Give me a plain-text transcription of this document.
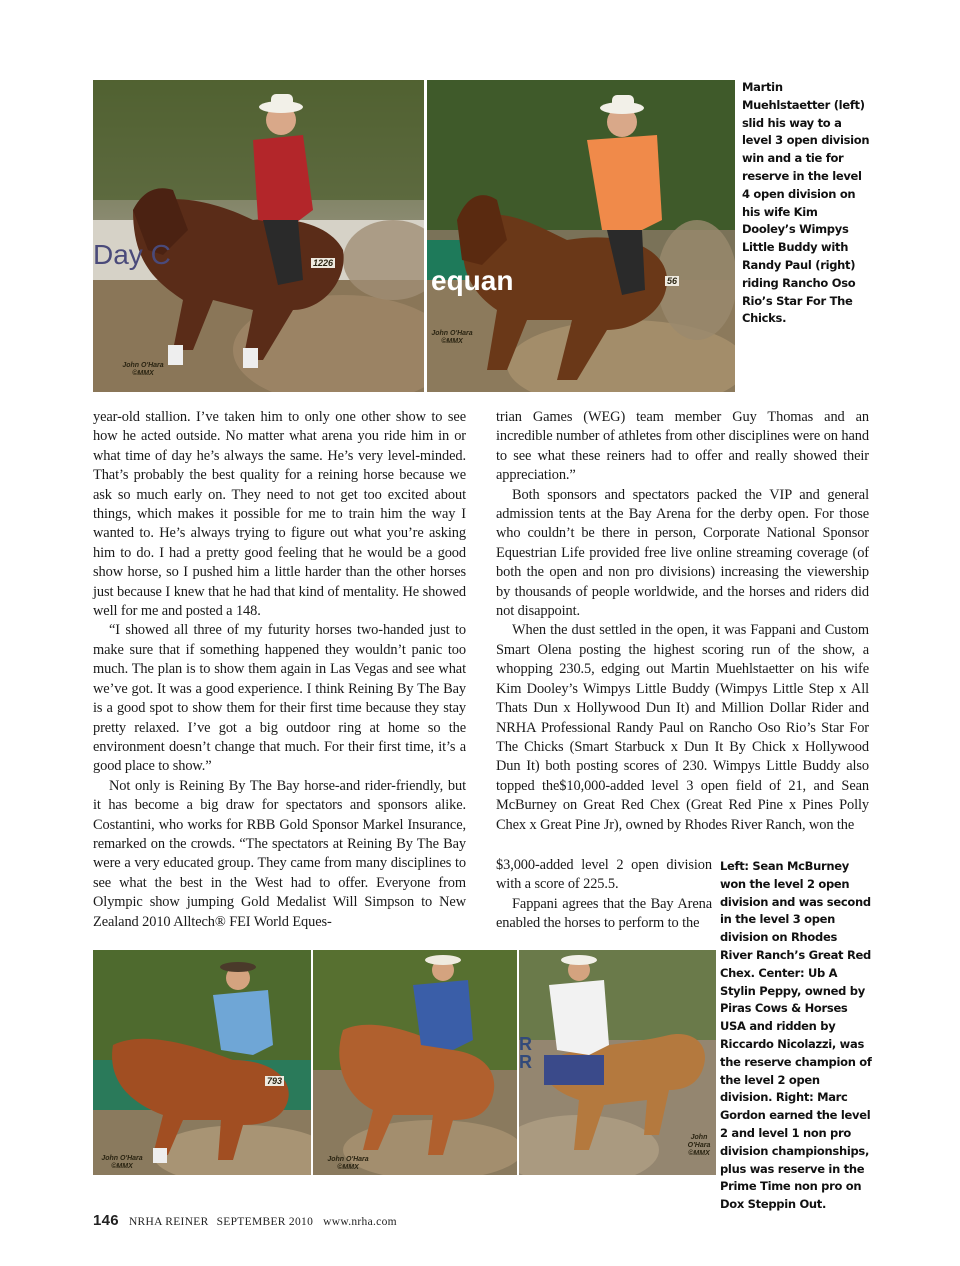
John O'Hara ©MMX
Day C	1226
John O'Hara ©MMX
equan	56
Martin Muehlstaetter (left) slid his way to a level 3 open division win and a tie for reserve in the level 4 open division on his wife Kim Dooley’s Wimpys Little Buddy with Randy Paul (right) riding Rancho Oso Rio’s Star For The Chicks.

year-old stallion. I’ve taken him to only one other show to see how he acted outside. No matter what arena you ride him in or what time of day he’s always the same. He’s very level-minded. That’s probably the best quality for a reining horse because we ask so much early on. They need to not get too excited about things, which makes it possible for me to train him the way I wanted to. He’s always trying to figure out what you’re asking him to do. I had a pretty good feeling that he would be a good show horse, so I pushed him a little harder than the other horses just because I knew that he had that kind of mentality. He showed well for me and posted a 148.

“I showed all three of my futurity horses two-handed just to make sure that if something happened they wouldn’t panic too much. The plan is to show them again in Las Vegas and see what we’ve got. It was a good experience. I think Reining By The Bay is a good spot to show them for their first time because they stay pretty relaxed. I’ve got a big outdoor ring at home so the environment doesn’t change that much. For their first time, it’s a good place to show.”

Not only is Reining By The Bay horse-and rider-friendly, but it has become a big draw for spectators and sponsors alike. Costantini, who works for RBB Gold Sponsor Markel Insurance, remarked on the crowds. “The spectators at Reining By The Bay were a very educated group. They came from many disciplines to see what the best in the West had to offer. Everyone from Olympic show jumping Gold Medalist Will Simpson to New Zealand 2010 Alltech® FEI World Eques-

trian Games (WEG) team member Guy Thomas and an incredible number of athletes from other disciplines were on hand to see what these reiners had to offer and really showed their appreciation.”

Both sponsors and spectators packed the VIP and general admission tents at the Bay Arena for the derby open. For those who couldn’t be there in person, Corporate National Sponsor Equestrian Life provided free live online streaming coverage (of both the open and non pro divisions) increasing the viewership by thousands of people worldwide, and the horses and riders did not disappoint.

When the dust settled in the open, it was Fappani and Custom Smart Olena posting the highest scoring run of the show, a whopping 230.5, edging out Martin Muehlstaetter on his wife Kim Dooley’s Wimpys Little Buddy (Wimpys Little Step x All Thats Dun x Hollywood Dun It) and Million Dollar Rider and NRHA Professional Randy Paul on Rancho Oso Rio’s Star For The Chicks (Smart Starbuck x Dun It By Chick x Hollywood Dun It) both posting scores of 230. Wimpys Little Buddy also topped the$10,000-added level 3 open field of 21, and Sean McBurney on Great Red Chex (Great Red Pine x Pines Polly Chex x Great Pine Jr), owned by Rhodes River Ranch, won the

$3,000-added level 2 open division with a score of 225.5.

Fappani agrees that the Bay Arena enabled the horses to perform to the

Left: Sean McBurney won the level 2 open division and was second in the level 3 open division on Rhodes River Ranch’s Great Red Chex. Center: Ub A Stylin Peppy, owned by Piras Cows & Horses USA and ridden by Riccardo Nicolazzi, was the reserve champion of the level 2 open division. Right: Marc Gordon earned the level 2 and level 1 non pro division championships, plus was reserve in the Prime Time non pro on Dox Steppin Out.
John O'Hara ©MMX
793
John O'Hara ©MMX
John O'Hara ©MMX
R
R
146 NRHA REINER SEPTEMBER 2010 www.nrha.com
